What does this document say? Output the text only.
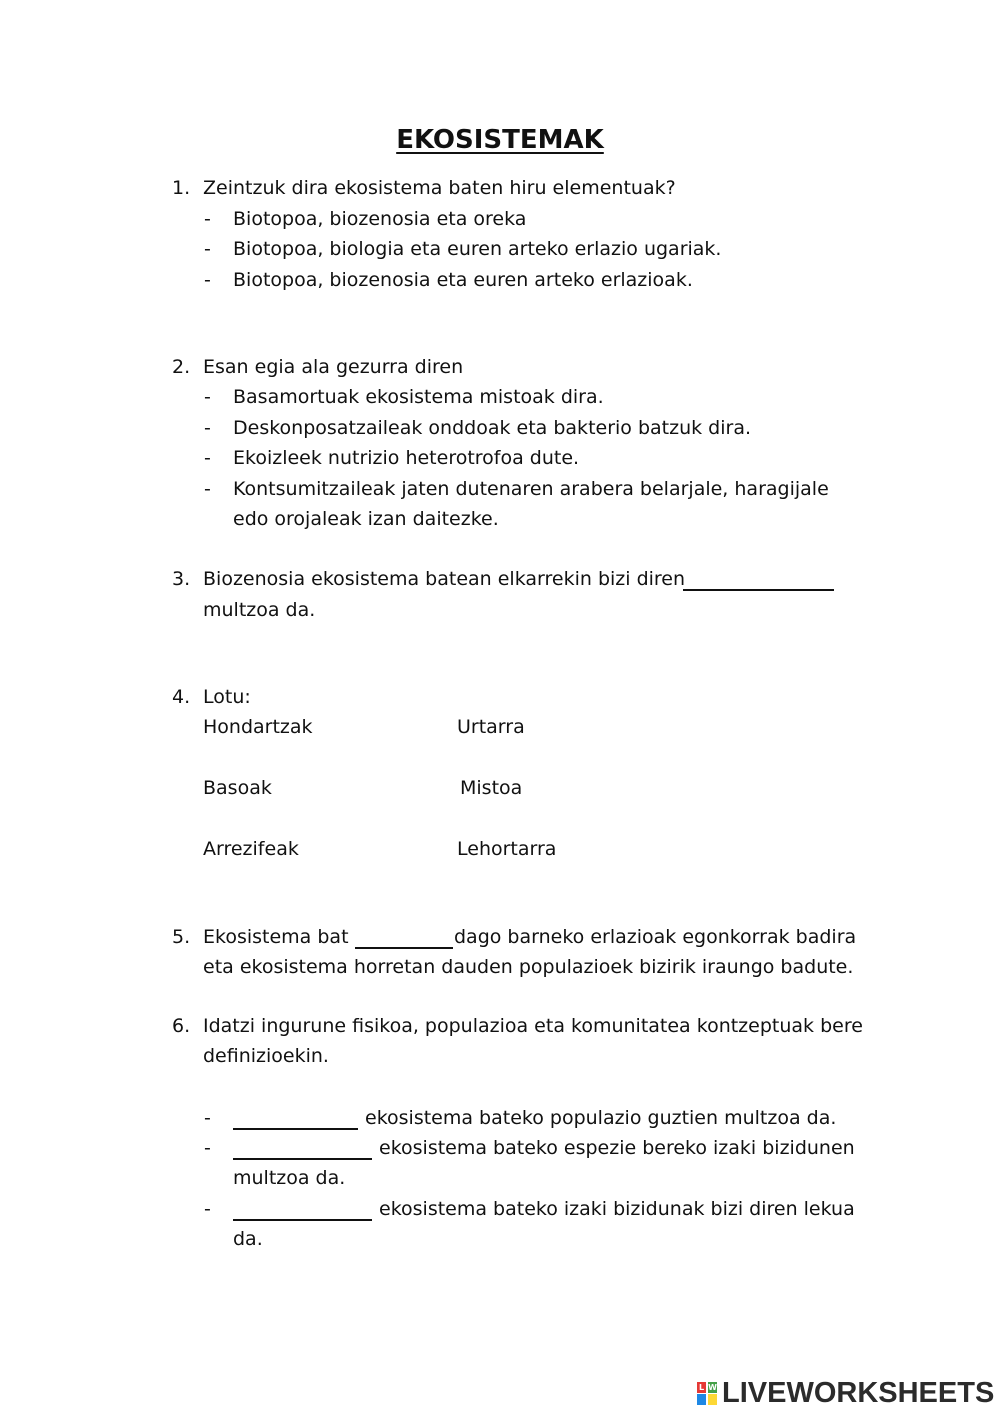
EKOSISTEMAK
1. Zeintzuk dira ekosistema baten hiru elementuak?
-	Biotopoa, biozenosia eta oreka
-	Biotopoa, biologia eta euren arteko erlazio ugariak.
-	Biotopoa, biozenosia eta euren arteko erlazioak.
2. Esan egia ala gezurra diren
-	Basamortuak ekosistema mistoak dira.
-	Deskonposatzaileak onddoak eta bakterio batzuk dira.
-	Ekoizleek nutrizio heterotrofoa dute.
-	Kontsumitzaileak jaten dutenaren arabera belarjale, haragijale
edo orojaleak izan daitezke.
3. Biozenosia ekosistema batean elkarrekin bizi diren
multzoa da.
4. Lotu:
Hondartzak	Urtarra
Basoak	Mistoa
Arrezifeak	Lehortarra
5. Ekosistema bat	dago barneko erlazioak egonkorrak badira
eta ekosistema horretan dauden populazioek bizirik iraungo badute.
6. Idatzi ingurune fisikoa, populazioa eta komunitatea kontzeptuak bere
definizioekin.
-	ekosistema bateko populazio guztien multzoa da.
-	ekosistema bateko espezie bereko izaki bizidunen
multzoa da.
-	ekosistema bateko izaki bizidunak bizi diren lekua
da.
L W LIVEWORKSHEETS
